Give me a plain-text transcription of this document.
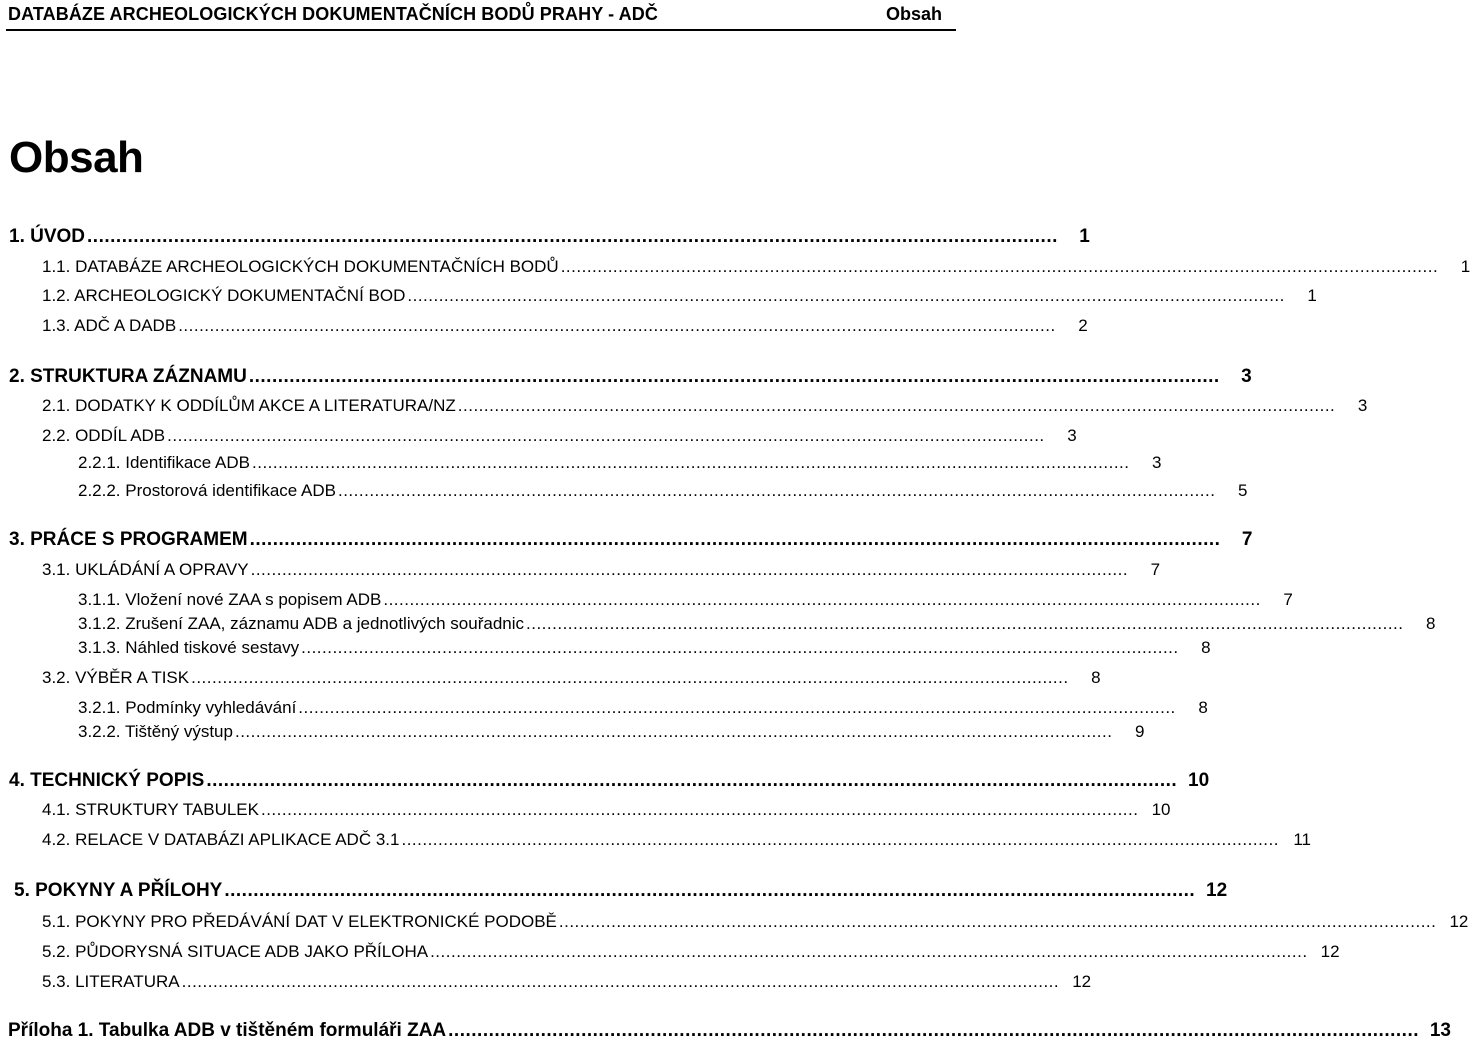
DATABÁZE ARCHEOLOGICKÝCH DOKUMENTAČNÍCH BODŮ PRAHY - ADČ	Obsah
Obsah
1. ÚVOD ........................................................................................................................................................................	1
1.1. DATABÁZE ARCHEOLOGICKÝCH DOKUMENTAČNÍCH BODŮ ........................................................................................................................................................................	1
1.2. ARCHEOLOGICKÝ DOKUMENTAČNÍ BOD ........................................................................................................................................................................	1
1.3. ADČ A DADB ........................................................................................................................................................................	2
2. STRUKTURA ZÁZNAMU ........................................................................................................................................................................	3
2.1. DODATKY K ODDÍLŮM AKCE A LITERATURA/NZ ........................................................................................................................................................................	3
2.2. ODDÍL ADB ........................................................................................................................................................................	3
2.2.1. Identifikace ADB ........................................................................................................................................................................	3
2.2.2. Prostorová identifikace ADB ........................................................................................................................................................................	5
3. PRÁCE S PROGRAMEM ........................................................................................................................................................................	7
3.1. UKLÁDÁNÍ A OPRAVY ........................................................................................................................................................................	7
3.1.1. Vložení nové ZAA s popisem ADB ........................................................................................................................................................................	7
3.1.2. Zrušení ZAA, záznamu ADB a jednotlivých souřadnic ........................................................................................................................................................................	8
3.1.3. Náhled tiskové sestavy ........................................................................................................................................................................	8
3.2. VÝBĚR A TISK ........................................................................................................................................................................	8
3.2.1. Podmínky vyhledávání ........................................................................................................................................................................	8
3.2.2. Tištěný výstup ........................................................................................................................................................................	9
4. TECHNICKÝ POPIS ........................................................................................................................................................................ 10
4.1. STRUKTURY TABULEK ........................................................................................................................................................................ 10
4.2. RELACE V DATABÁZI APLIKACE ADČ 3.1 ........................................................................................................................................................................ 11
5. POKYNY A PŘÍLOHY ........................................................................................................................................................................ 12
5.1. POKYNY PRO PŘEDÁVÁNÍ DAT V ELEKTRONICKÉ PODOBĚ ........................................................................................................................................................................ 12
5.2. PŮDORYSNÁ SITUACE ADB JAKO PŘÍLOHA ........................................................................................................................................................................ 12
5.3. LITERATURA ........................................................................................................................................................................ 12
Příloha 1. Tabulka ADB v tištěném formuláři ZAA ........................................................................................................................................................................ 13
